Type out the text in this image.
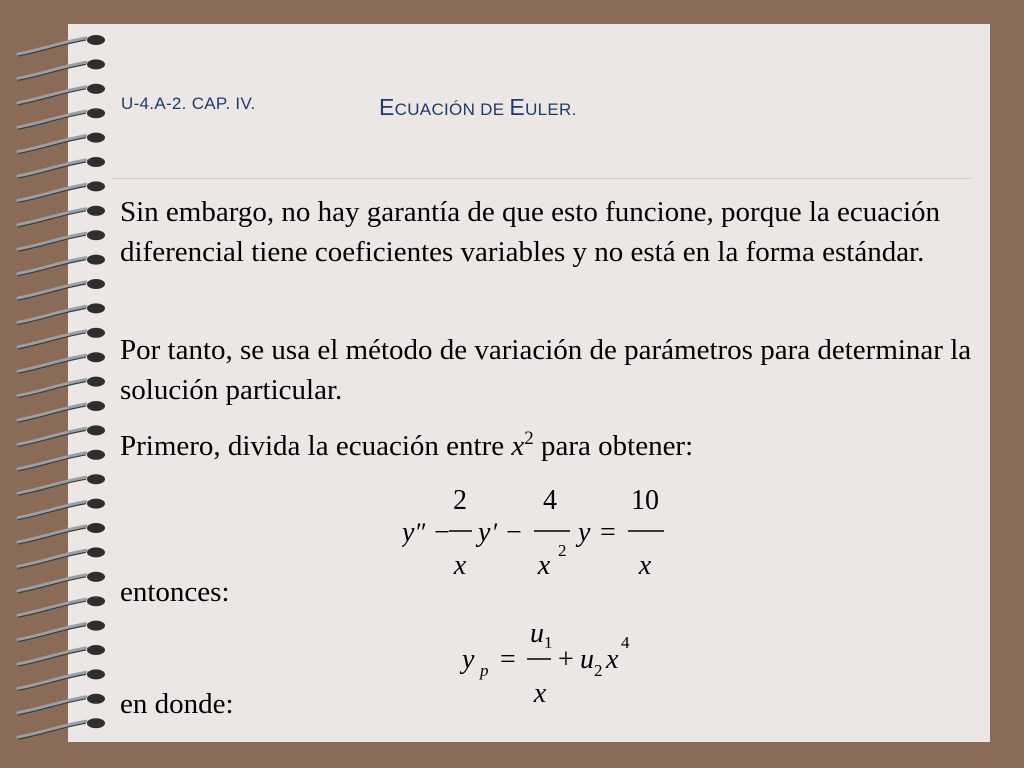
U-4.A-2. CAP. IV.	ECUACIÓN DE EULER.

Sin embargo, no hay garantía de que esto funcione, porque la ecuación diferencial tiene coeficientes variables y no está en la forma estándar.

Por tanto, se usa el método de variación de parámetros para determinar la solución particular.

Primero, divida la ecuación entre $x^2$ para obtener:

y ″ −
2
x
y ′ −
4
x 2
y =
10
x

entonces:

y p =
u 1
x
+ u 2 x
4

en donde:
